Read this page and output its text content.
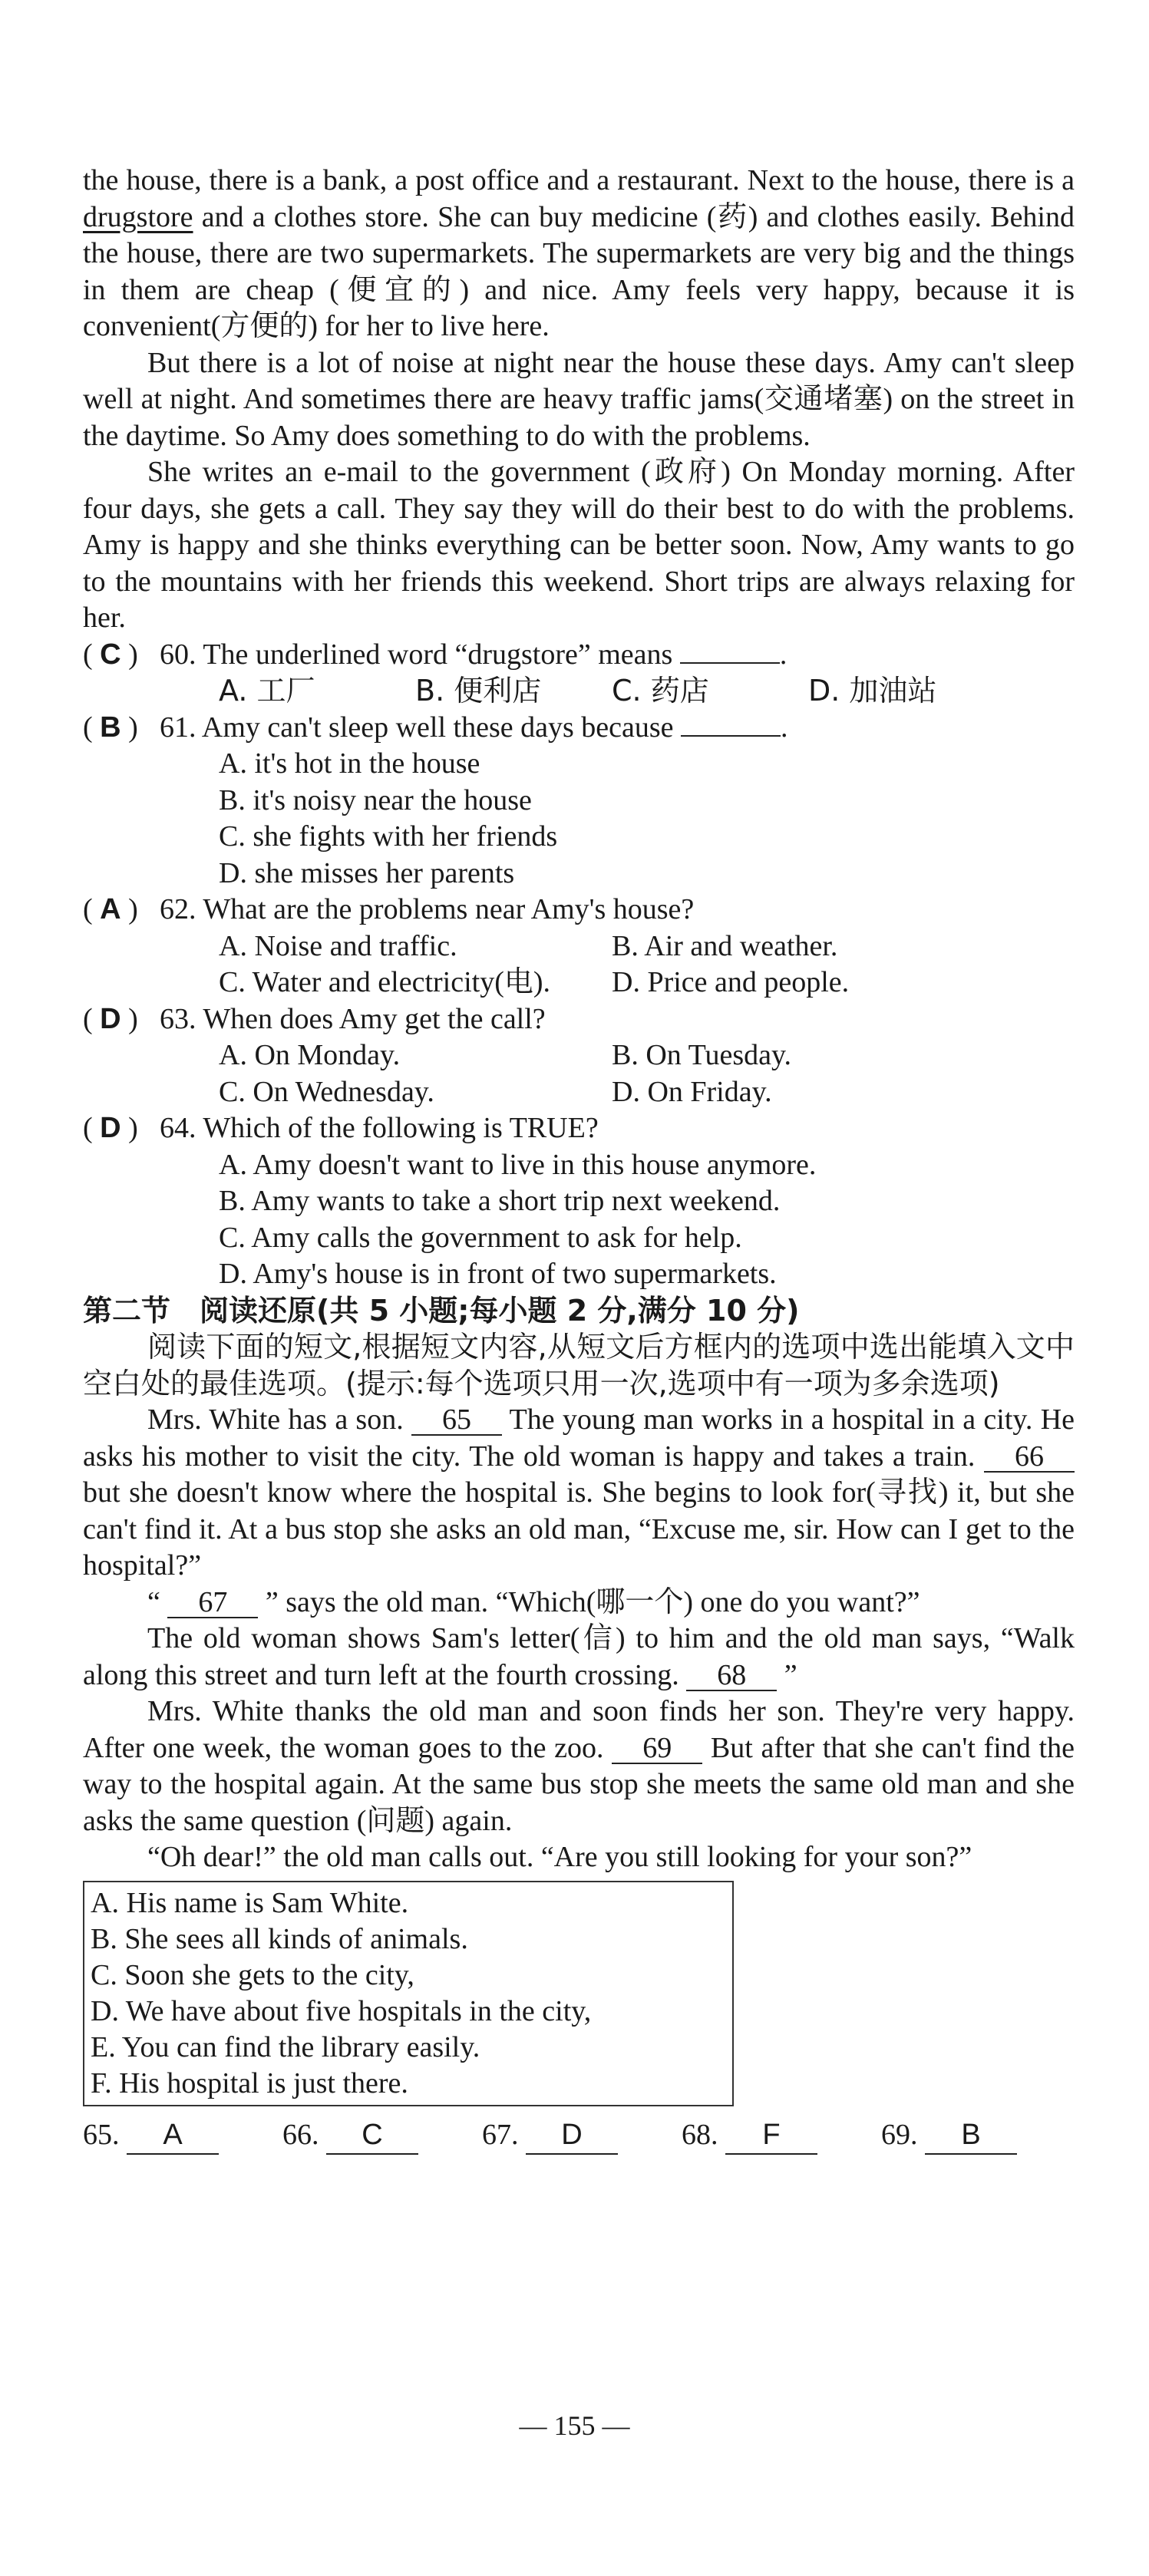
the house, there is a bank, a post office and a restaurant. Next to the house, there is a drugstore and a clothes store. She can buy medicine (药) and clothes easily. Behind the house, there are two supermarkets. The supermarkets are very big and the things in them are cheap (便宜的) and nice. Amy feels very happy, because it is convenient(方便的) for her to live here.

But there is a lot of noise at night near the house these days. Amy can't sleep well at night. And sometimes there are heavy traffic jams(交通堵塞) on the street in the daytime. So Amy does something to do with the problems.

She writes an e-mail to the government (政府) On Monday morning. After four days, she gets a call. They say they will do their best to do with the problems. Amy is happy and she thinks everything can be better soon. Now, Amy wants to go to the mountains with her friends this weekend. Short trips are always relaxing for her.

( C ) 60. The underlined word “drugstore” means	.
A. 工厂	B. 便利店 C. 药店	D. 加油站
( B ) 61. Amy can't sleep well these days because	.
A. it's hot in the house
B. it's noisy near the house
C. she fights with her friends
D. she misses her parents
( A ) 62. What are the problems near Amy's house?
A. Noise and traffic.	B. Air and weather.
C. Water and electricity(电). D. Price and people.
( D ) 63. When does Amy get the call?
A. On Monday.	B. On Tuesday.
C. On Wednesday.	D. On Friday.
( D ) 64. Which of the following is TRUE?
A. Amy doesn't want to live in this house anymore.
B. Amy wants to take a short trip next weekend.
C. Amy calls the government to ask for help.
D. Amy's house is in front of two supermarkets.
第二节　阅读还原(共 5 小题;每小题 2 分,满分 10 分)

阅读下面的短文,根据短文内容,从短文后方框内的选项中选出能填入文中空白处的最佳选项。(提示:每个选项只用一次,选项中有一项为多余选项)

Mrs. White has a son. 65 The young man works in a hospital in a city. He asks his mother to visit the city. The old woman is happy and takes a train. 66 but she doesn't know where the hospital is. She begins to look for(寻找) it, but she can't find it. At a bus stop she asks an old man, “Excuse me, sir. How can I get to the hospital?”

“ 67 ” says the old man. “Which(哪一个) one do you want?”

The old woman shows Sam's letter(信) to him and the old man says, “Walk along this street and turn left at the fourth crossing. 68 ”

Mrs. White thanks the old man and soon finds her son. They're very happy. After one week, the woman goes to the zoo. 69 But after that she can't find the way to the hospital again. At the same bus stop she meets the same old man and she asks the same question (问题) again.

“Oh dear!” the old man calls out. “Are you still looking for your son?”

A. His name is Sam White.
B. She sees all kinds of animals.
C. Soon she gets to the city,
D. We have about five hospitals in the city,
E. You can find the library easily.
F. His hospital is just there.
65. A	66. C	67. D	68. F	69. B
— 155 —
